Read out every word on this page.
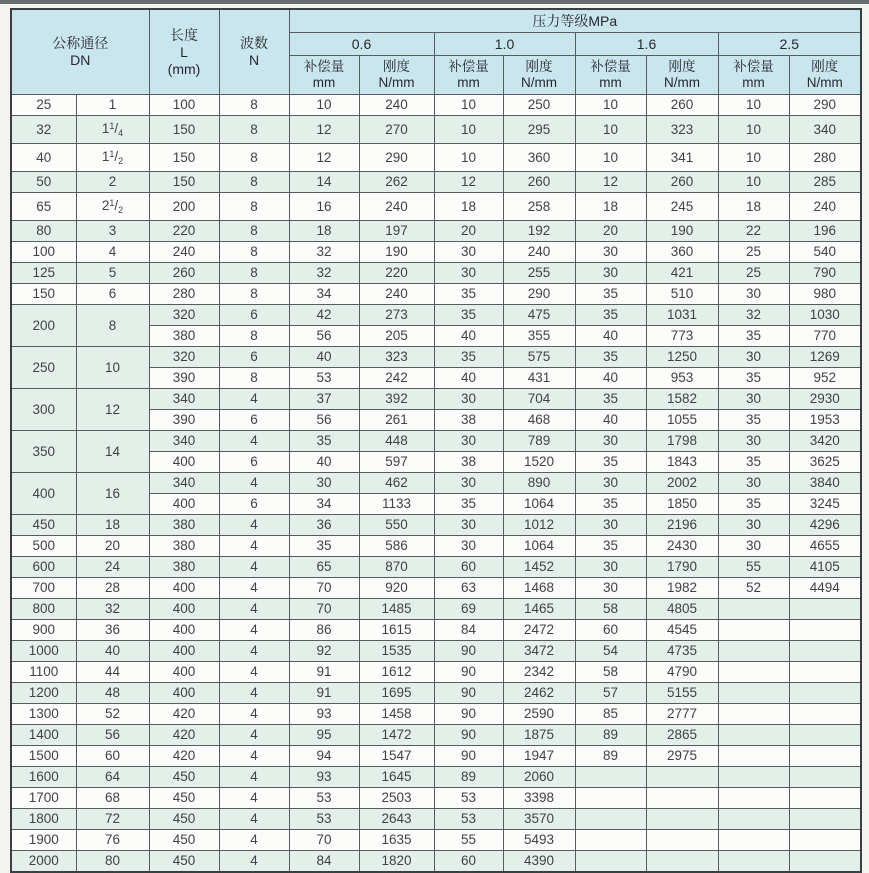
公称通径
DN

长度
L
(mm)

波数
N
	压力等级MPa
				0.6		1.0		1.6		2.5	

补偿量
mm

刚度
N/mm

补偿量
mm

刚度
N/mm

补偿量
mm

刚度
N/mm

补偿量
mm

刚度
N/mm

25	1	100	8	10	240	10	250	10	260	10	290
32	$1^1/_4$	150	8	12	270	10	295	10	323	10	340
40	$1^1/_2$	150	8	12	290	10	360	10	341	10	280
50	2	150	8	14	262	12	260	12	260	10	285
65	$2^1/_2$	200	8	16	240	18	258	18	245	18	240
80	3	220	8	18	197	20	192	20	190	22	196
100	4	240	8	32	190	30	240	30	360	25	540
125	5	260	8	32	220	30	255	30	421	25	790
150	6	280	8	34	240	35	290	35	510	30	980
200	8	320	6	42	273	35	475	35	1031	32	1030
		380	8	56	205	40	355	40	773	35	770
250	10	320	6	40	323	35	575	35	1250	30	1269
		390	8	53	242	40	431	40	953	35	952
300	12	340	4	37	392	30	704	35	1582	30	2930
		390	6	56	261	38	468	40	1055	35	1953
350	14	340	4	35	448	30	789	30	1798	30	3420
		400	6	40	597	38	1520	35	1843	35	3625
400	16	340	4	30	462	30	890	30	2002	30	3840
		400	6	34	1133	35	1064	35	1850	35	3245
450	18	380	4	36	550	30	1012	30	2196	30	4296
500	20	380	4	35	586	30	1064	35	2430	30	4655
600	24	380	4	65	870	60	1452	30	1790	55	4105
700	28	400	4	70	920	63	1468	30	1982	52	4494
800	32	400	4	70	1485	69	1465	58	4805		
900	36	400	4	86	1615	84	2472	60	4545		
1000	40	400	4	92	1535	90	3472	54	4735		
1100	44	400	4	91	1612	90	2342	58	4790		
1200	48	400	4	91	1695	90	2462	57	5155		
1300	52	420	4	93	1458	90	2590	85	2777		
1400	56	420	4	95	1472	90	1875	89	2865		
1500	60	420	4	94	1547	90	1947	89	2975		
1600	64	450	4	93	1645	89	2060				
1700	68	450	4	53	2503	53	3398				
1800	72	450	4	53	2643	53	3570				
1900	76	450	4	70	1635	55	5493				
2000	80	450	4	84	1820	60	4390				
